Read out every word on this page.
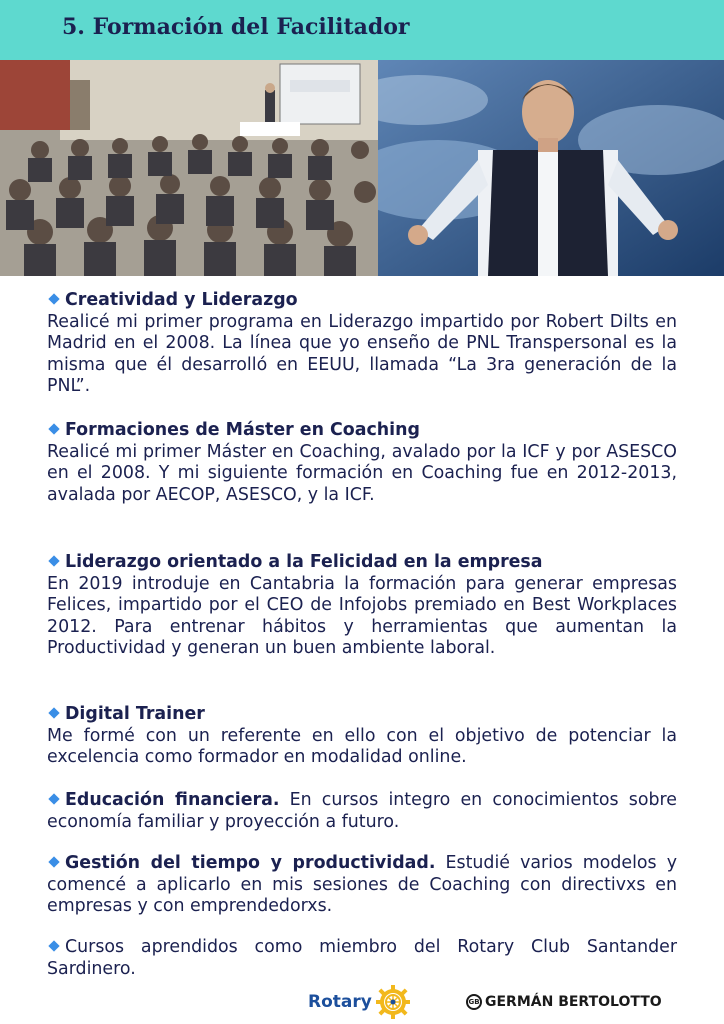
5. Formación del Facilitador
Creatividad y Liderazgo
Realicé mi primer programa en Liderazgo impartido por Robert Dilts en Madrid en el 2008. La línea que yo enseño de PNL Transpersonal es la misma que él desarrolló en EEUU, llamada “La 3ra generación de la PNL”.
Formaciones de Máster en Coaching
Realicé mi primer Máster en Coaching, avalado por la ICF y por ASESCO en el 2008. Y mi siguiente formación en Coaching fue en 2012-2013, avalada por AECOP, ASESCO, y la ICF.
Liderazgo orientado a la Felicidad en la empresa
En 2019 introduje en Cantabria la formación para generar empresas Felices, impartido por el CEO de Infojobs premiado en Best Workplaces 2012. Para entrenar hábitos y herramientas que aumentan la Productividad y generan un buen ambiente laboral.
Digital Trainer
Me formé con un referente en ello con el objetivo de potenciar la excelencia como formador en modalidad online.
Educación financiera. En cursos integro en conocimientos sobre economía familiar y proyección a futuro.
Gestión del tiempo y productividad. Estudié varios modelos y comencé a aplicarlo en mis sesiones de Coaching con directivxs en empresas y con emprendedorxs.
Cursos aprendidos como miembro del Rotary Club Santander Sardinero.
Rotary	GB GERMÁN BERTOLOTTO
